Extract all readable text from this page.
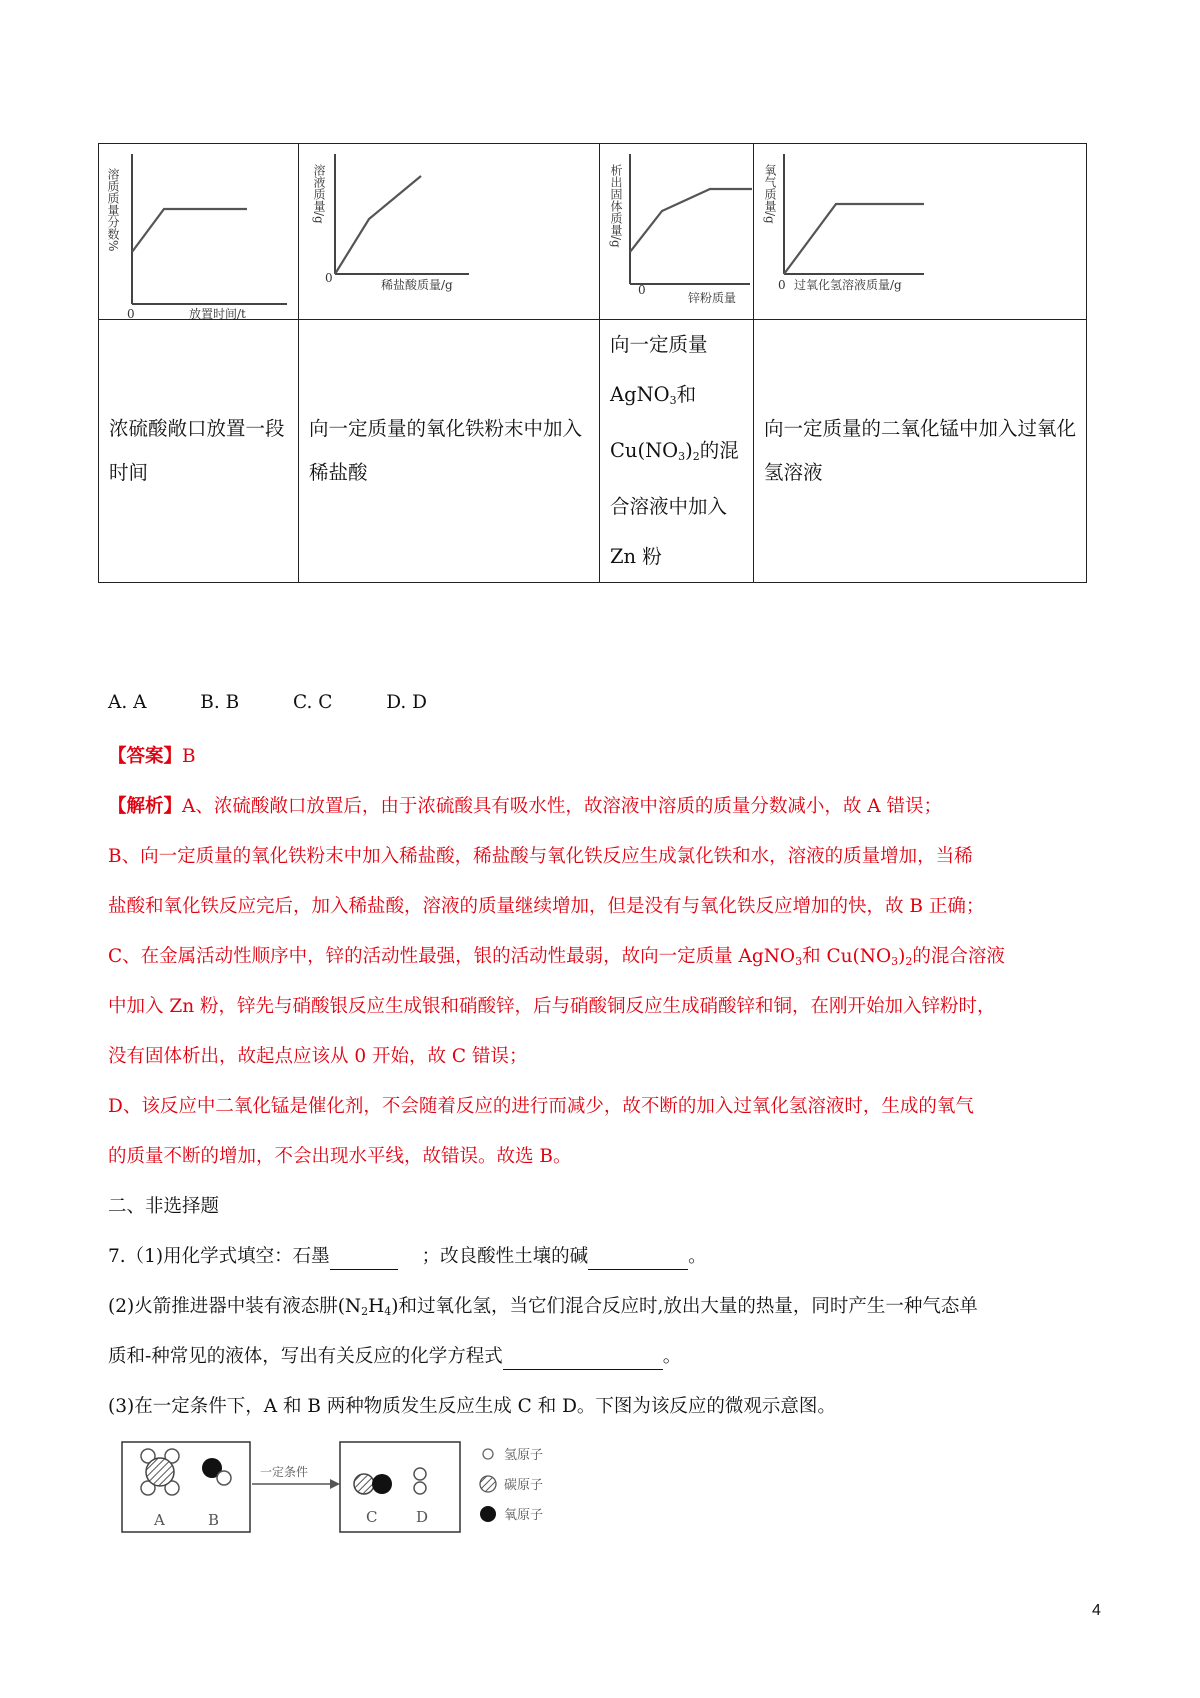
溶质质量分数%
0 放置时间/t	溶液质量/g
0 稀盐酸质量/g	析出固体质量/g
0
锌粉质量	氧气质量/g
0 过氧化氢溶液质量/g

浓硫酸敞口放置一段时间	向一定质量的氧化铁粉末中加入稀盐酸	向一定质量
AgNO$_3$和
$Cu(NO_3)_2$的混
合溶液中加入
Zn 粉	向一定质量的二氧化锰中加入过氧化氢溶液
A. A	B. B	C. C	D. D
【答案】B
【解析】A、浓硫酸敞口放置后，由于浓硫酸具有吸水性，故溶液中溶质的质量分数减小，故 A 错误；
B、向一定质量的氧化铁粉末中加入稀盐酸，稀盐酸与氧化铁反应生成氯化铁和水，溶液的质量增加，当稀
盐酸和氧化铁反应完后，加入稀盐酸，溶液的质量继续增加，但是没有与氧化铁反应增加的快，故 B 正确；
C、在金属活动性顺序中，锌的活动性最强，银的活动性最弱，故向一定质量 AgNO$_3$和 $Cu(NO_3)_2$的混合溶液
中加入 Zn 粉，锌先与硝酸银反应生成银和硝酸锌，后与硝酸铜反应生成硝酸锌和铜，在刚开始加入锌粉时，
没有固体析出，故起点应该从 0 开始，故 C 错误；
D、该反应中二氧化锰是催化剂，不会随着反应的进行而减少，故不断的加入过氧化氢溶液时，生成的氧气
的质量不断的增加，不会出现水平线，故错误。故选 B。
二、非选择题
7.（1)用化学式填空：石墨	；改良酸性土壤的碱	。
(2)火箭推进器中装有液态肼$(N_2H_4)$和过氧化氢，当它们混合反应时,放出大量的热量，同时产生一种气态单
质和-种常见的液体，写出有关反应的化学方程式	。
(3)在一定条件下，A 和 B 两种物质发生反应生成 C 和 D。下图为该反应的微观示意图。
A	B
一定条件
C	D
氢原子
碳原子
氧原子
4
